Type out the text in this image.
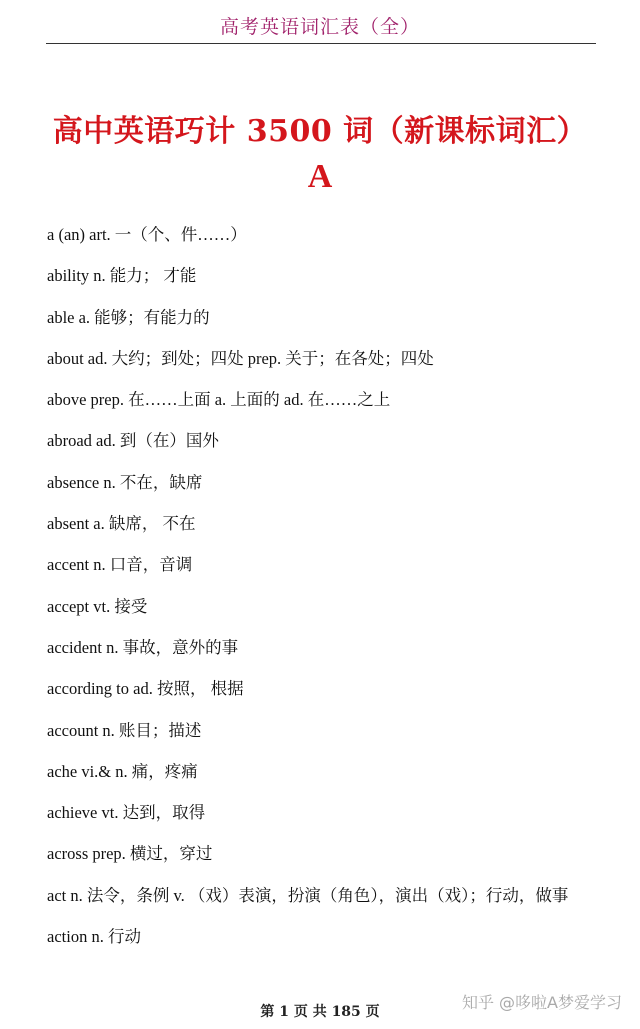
高考英语词汇表（全）
高中英语巧计 3500 词（新课标词汇）
A
a (an) art. 一（个、件……）
ability n. 能力； 才能
able a. 能够；有能力的
about ad. 大约；到处；四处 prep. 关于；在各处；四处
above prep. 在……上面 a. 上面的 ad. 在……之上
abroad ad. 到（在）国外
absence n. 不在，缺席
absent a. 缺席， 不在
accent n. 口音，音调
accept vt. 接受
accident n. 事故，意外的事
according to ad. 按照， 根据
account n. 账目；描述
ache vi.& n. 痛，疼痛
achieve vt. 达到，取得
across prep. 横过，穿过
act n. 法令，条例 v. （戏）表演，扮演（角色），演出（戏）；行动，做事
action n. 行动
第 1 页 共 185 页	知乎 @哆啦A梦爱学习
